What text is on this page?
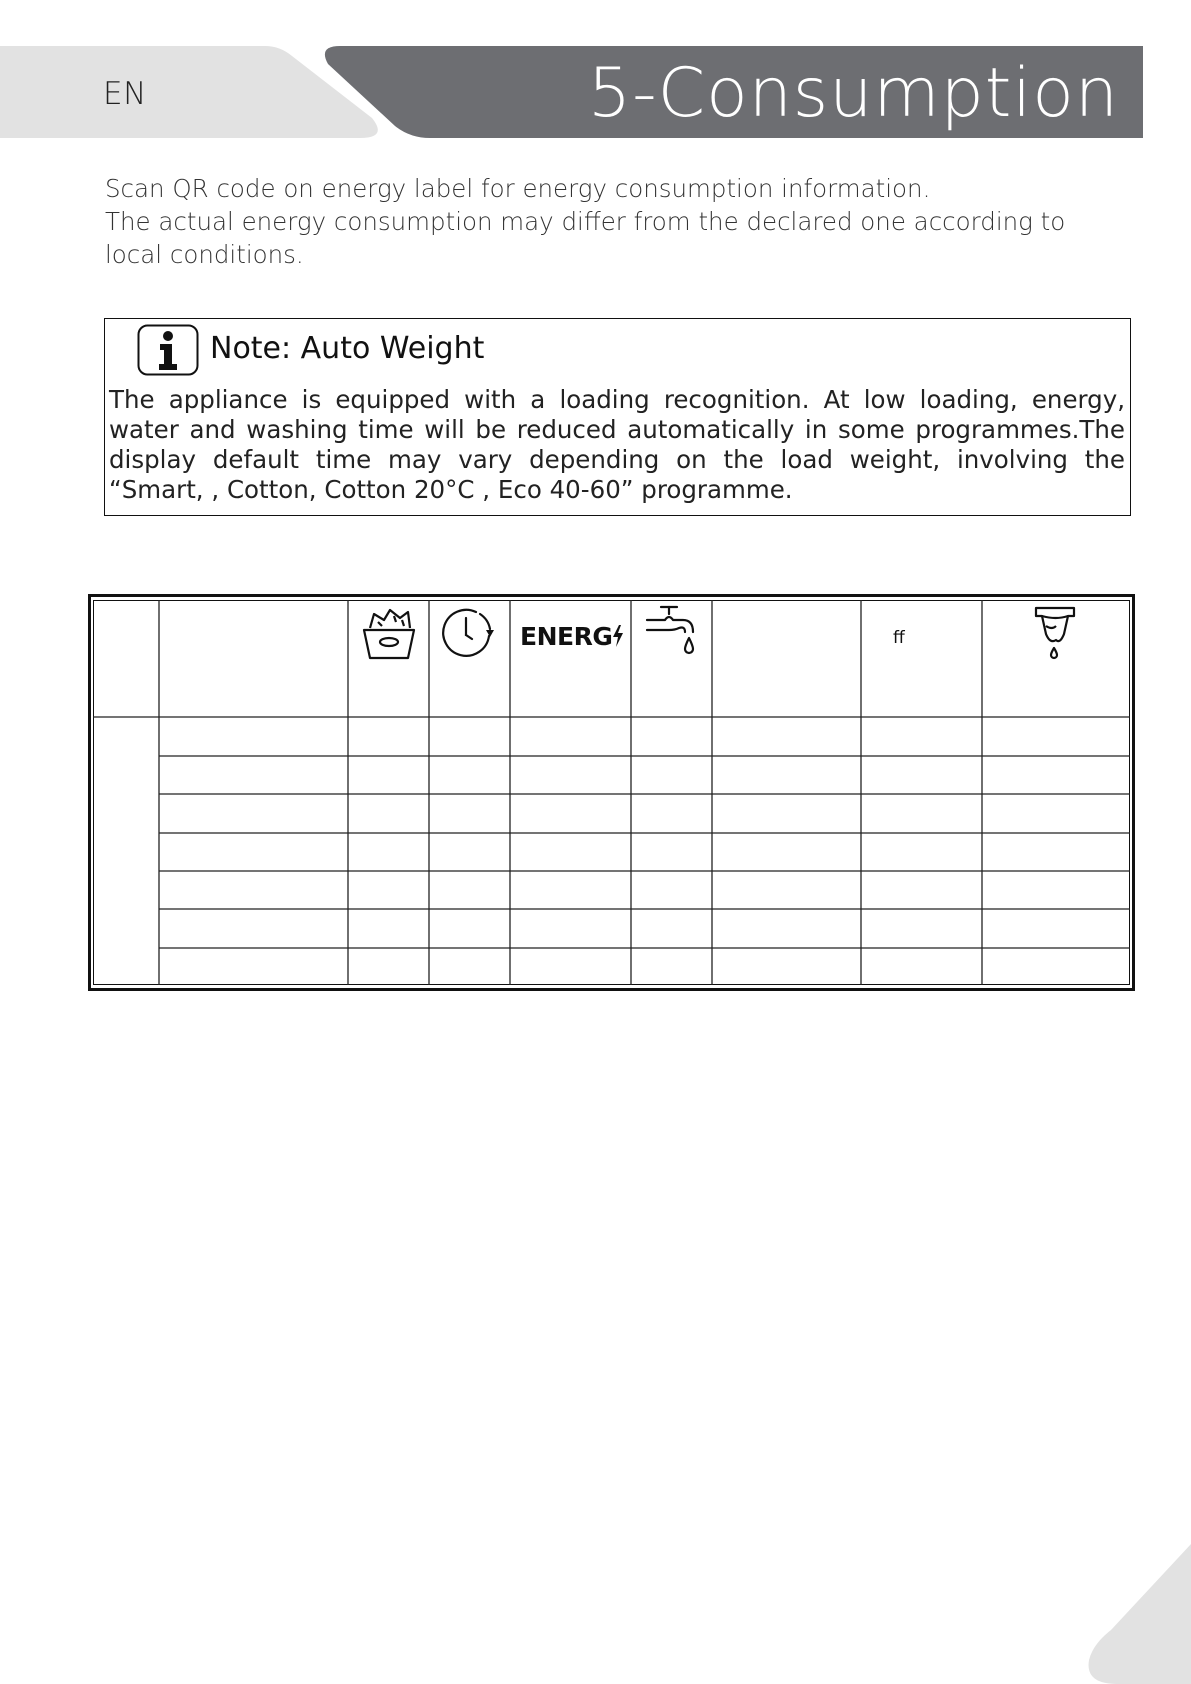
EN	5-Consumption

Scan QR code on energy label for energy consumption information.

The actual energy consumption may differ from the declared one according to local conditions.

Note: Auto Weight
The appliance is equipped with a loading recognition. At low loading, energy, water and washing time will be reduced automatically in some programmes.The display default time may vary depending on the load weight, involving the “Smart, , Cotton, Cotton 20°C , Eco 40-60” programme.
ENERG	ff
